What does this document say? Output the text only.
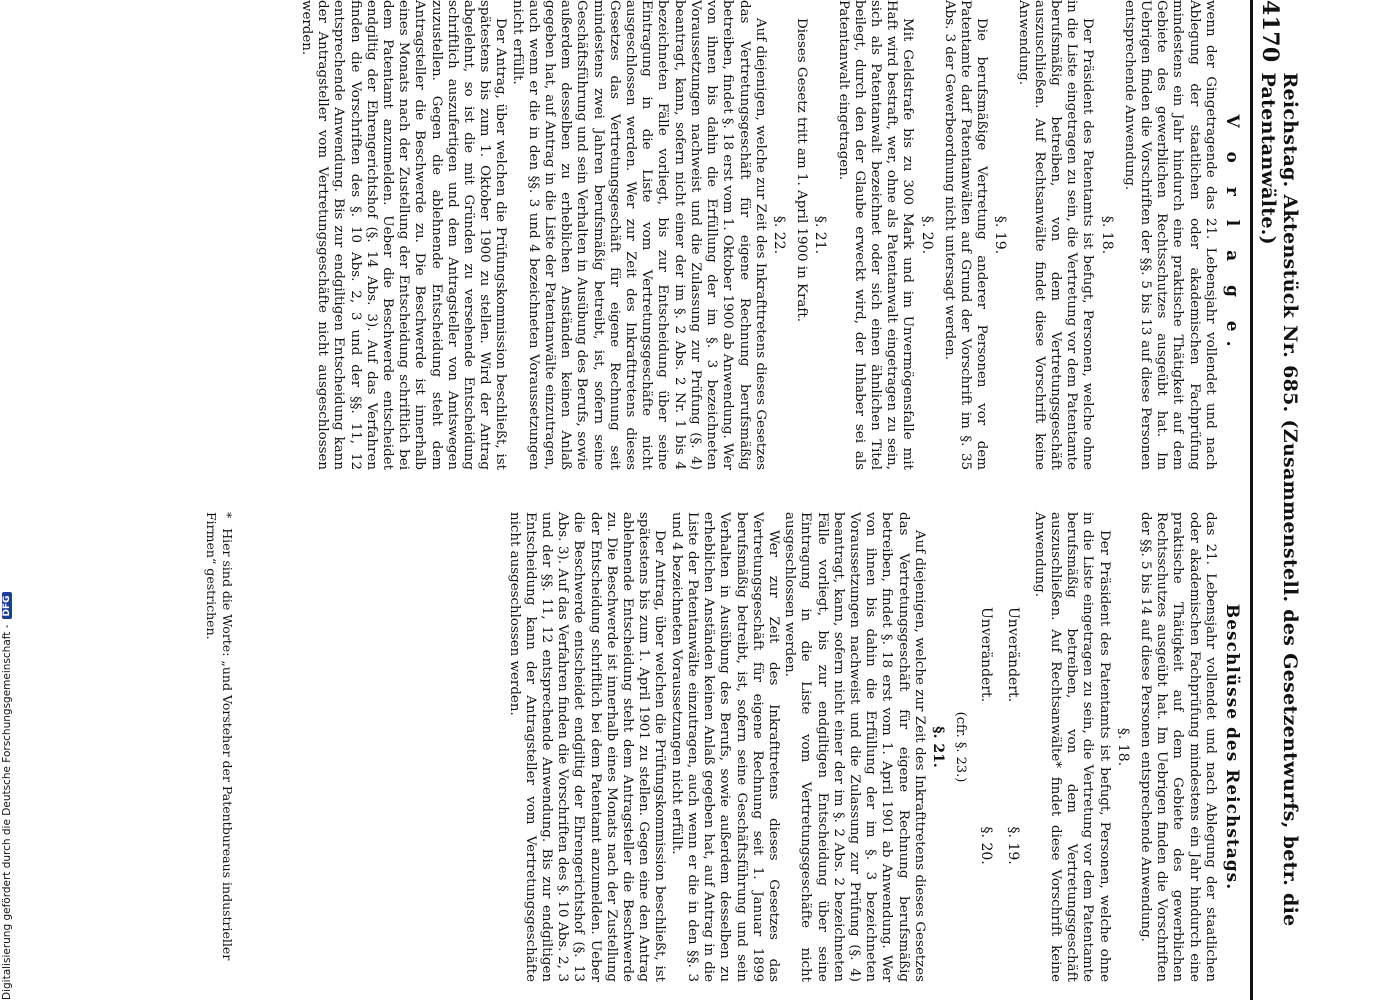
4170
Reichstag. Aktenstück Nr. 685. (Zusammenstell. des Gesetzentwurfs, betr. die Patentanwälte.)
V o r l a g e.

wenn der Gingetragende das 21. Lebensjahr vollendet und nach Ablegung der staatlichen oder akademischen Fachprüfung mindestens ein Jahr hindurch eine praktische Thätigkeit auf dem Gebiete des gewerblichen Rechtsschutzes ausgeübt hat. Im Uebrigen finden die Vorschriften der §§. 5 bis 13 auf diese Personen entsprechende Anwendung.

§. 18.

Der Präsident des Patentamts ist befugt, Personen, welche ohne in die Liste eingetragen zu sein, die Vertretung vor dem Patentamte berufsmäßig betreiben, von dem Vertretungsgeschäft auszuschließen. Auf Rechtsanwälte findet diese Vorschrift keine Anwendung.

§. 19.

Die berufsmäßige Vertretung anderer Personen vor dem Patentamte darf Patentanwälten auf Grund der Vorschrift im §. 35 Abs. 3 der Gewerbeordnung nicht untersagt werden.

§. 20.

Mit Geldstrafe bis zu 300 Mark und im Unvermögensfalle mit Haft wird bestraft, wer, ohne als Patentanwalt eingetragen zu sein, sich als Patentanwalt bezeichnet oder sich einen ähnlichen Titel beilegt, durch den der Glaube erweckt wird, der Inhaber sei als Patentanwalt eingetragen.

§. 21.

Dieses Gesetz tritt am 1. April 1900 in Kraft.

§. 22.

Auf diejenigen, welche zur Zeit des Inkrafttretens dieses Gesetzes das Vertretungsgeschäft für eigene Rechnung berufsmäßig betreiben, findet §. 18 erst vom 1. Oktober 1900 ab Anwendung. Wer von ihnen bis dahin die Erfüllung der im §. 3 bezeichneten Voraussetzungen nachweist und die Zulassung zur Prüfung (§. 4) beantragt, kann, sofern nicht einer der im §. 2 Abs. 2 Nr. 1 bis 4 bezeichneten Fälle vorliegt, bis zur Entscheidung über seine Eintragung in die Liste vom Vertretungsgeschäfte nicht ausgeschlossen werden. Wer zur Zeit des Inkrafttretens dieses Gesetzes das Vertretungsgeschäft für eigene Rechnung seit mindestens zwei Jahren berufsmäßig betreibt, ist, sofern seine Geschäftsführung und sein Verhalten in Ausübung des Berufs, sowie außerdem desselben zu erheblichen Anständen keinen Anlaß gegeben hat, auf Antrag in die Liste der Patentanwälte einzutragen, auch wenn er die in den §§. 3 und 4 bezeichneten Voraussetzungen nicht erfüllt.

Der Antrag, über welchen die Prüfungskommission beschließt, ist spätestens bis zum 1. Oktober 1900 zu stellen. Wird der Antrag abgelehnt, so ist die mit Gründen zu versehende Entscheidung schriftlich auszufertigen und dem Antragsteller von Amtswegen zuzustellen. Gegen die ablehnende Entscheidung steht dem Antragsteller die Beschwerde zu. Die Beschwerde ist innerhalb eines Monats nach der Zustellung der Entscheidung schriftlich bei dem Patentamt anzumelden. Ueber die Beschwerde entscheidet endgiltig der Ehrengerichtshof (§. 14 Abs. 3). Auf das Verfahren finden die Vorschriften des §. 10 Abs. 2, 3 und der §§. 11, 12 entsprechende Anwendung. Bis zur endgiltigen Entscheidung kann der Antragsteller vom Vertretungsgeschäfte nicht ausgeschlossen werden.

Beschlüsse des Reichstags.

das 21. Lebensjahr vollendet und nach Ablegung der staatlichen oder akademischen Fachprüfung mindestens ein Jahr hindurch eine praktische Thätigkeit auf dem Gebiete des gewerblichen Rechtsschutzes ausgeübt hat. Im Uebrigen finden die Vorschriften der §§. 5 bis 14 auf diese Personen entsprechende Anwendung.

§. 18.

Der Präsident des Patentamts ist befugt, Personen, welche ohne in die Liste eingetragen zu sein, die Vertretung vor dem Patentamte berufsmäßig betreiben, von dem Vertretungsgeschäft auszuschließen. Auf Rechtsanwälte* findet diese Vorschrift keine Anwendung.

Unverändert. §. 19.
Unverändert. §. 20.
(cfr. §. 23.)
§. 21.

Auf diejenigen, welche zur Zeit des Inkrafttretens dieses Gesetzes das Vertretungsgeschäft für eigene Rechnung berufsmäßig betreiben, findet §. 18 erst vom 1. April 1901 ab Anwendung. Wer von ihnen bis dahin die Erfüllung der im §. 3 bezeichneten Voraussetzungen nachweist und die Zulassung zur Prüfung (§. 4) beantragt, kann, sofern nicht einer der im §. 2 Abs. 2 bezeichneten Fälle vorliegt, bis zur endgiltigen Entscheidung über seine Eintragung in die Liste vom Vertretungsgeschäfte nicht ausgeschlossen werden.

Wer zur Zeit des Inkrafttretens dieses Gesetzes das Vertretungsgeschäft für eigene Rechnung seit 1. Januar 1899 berufsmäßig betreibt, ist, sofern seine Geschäftsführung und sein Verhalten in Ausübung des Berufs, sowie außerdem desselben zu erheblichen Anständen keinen Anlaß gegeben hat, auf Antrag in die Liste der Patentanwälte einzutragen, auch wenn er die in den §§. 3 und 4 bezeichneten Voraussetzungen nicht erfüllt.

Der Antrag, über welchen die Prüfungskommission beschließt, ist spätestens bis zum 1. April 1901 zu stellen. Gegen eine den Antrag ablehnende Entscheidung steht dem Antragsteller die Beschwerde zu. Die Beschwerde ist innerhalb eines Monats nach der Zustellung der Entscheidung schriftlich bei dem Patentamt anzumelden. Ueber die Beschwerde entscheidet endgiltig der Ehrengerichtshof (§. 13 Abs. 3). Auf das Verfahren finden die Vorschriften des §. 10 Abs. 2, 3 und der §§. 11, 12 entsprechende Anwendung. Bis zur endgiltigen Entscheidung kann der Antragsteller vom Vertretungsgeschäfte nicht ausgeschlossen werden.

* Hier sind die Worte: „und Vorsteher der Patentbureaus industrieller Firmen“ gestrichen.
Digitalisierung gefördert durch die Deutsche Forschungsgemeinschaft -
DFG
